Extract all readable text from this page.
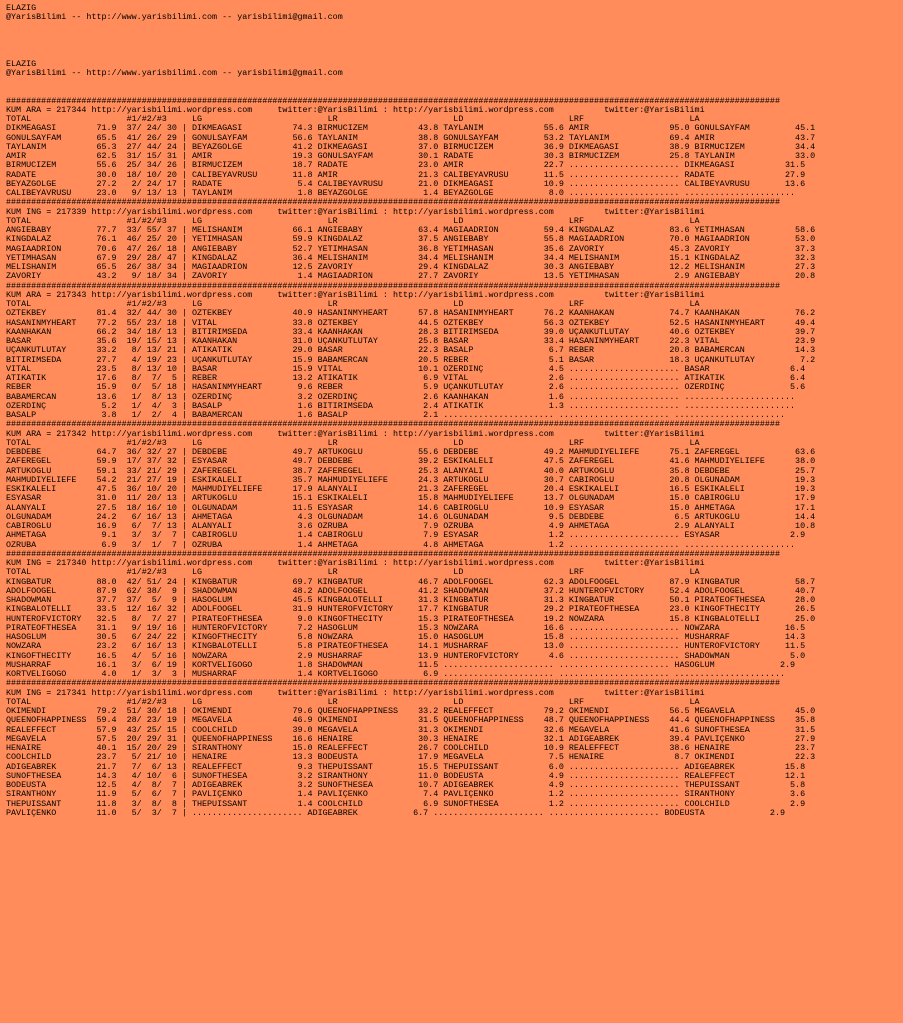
ELAZIG
@YarisBilimi -- http://www.yarisbilimi.com -- yarisbilimi@gmail.com

ELAZIG
@YarisBilimi -- http://www.yarisbilimi.com -- yarisbilimi@gmail.com

##########################################################################################################################################################
KUM ARA = 217344 http://yarisbilimi.wordpress.com     twitter:@YarisBilimi : http://yarisbilimi.wordpress.com          twitter:@YarisBilimi
TOTAL                   #1/#2/#3     LG                         LR                       LD                     LRF                     LA
DIKMEAGASI        71.9  37/ 24/ 30 | DIKMEAGASI          74.3 BIRMUCIZEM          43.8 TAYLANIM            55.6 AMIR                95.0 GÖNÜLSAYFAM         45.1
GÖNÜLSAYFAM       65.5  41/ 26/ 29 | GÖNÜLSAYFAM         56.6 TAYLANIM            38.8 GÖNÜLSAYFAM         53.2 TAYLANIM            69.4 AMIR                43.7
TAYLANIM          65.3  27/ 44/ 24 | BEYAZGÖLGE          41.2 DIKMEAGASI          37.0 BIRMUCIZEM          36.9 DIKMEAGASI          38.9 BIRMUCIZEM          34.4
AMIR              62.5  31/ 15/ 31 | AMIR                19.3 GÖNÜLSAYFAM         30.1 RADATE              30.3 BIRMUCIZEM          25.8 TAYLANIM            33.0
BIRMUCIZEM        55.6  25/ 34/ 26 | BIRMUCIZEM          18.7 RADATE              23.0 AMIR                22.7 ...................... DIKMEAGASI          31.5
RADATE            30.0  18/ 10/ 20 | CALIBEYAVRUSU       11.8 AMIR                21.3 CALIBEYAVRUSU       11.5 ...................... RADATE              27.9
BEYAZGÖLGE        27.2   2/ 24/ 17 | RADATE               5.4 CALIBEYAVRUSU       21.0 DIKMEAGASI          10.9 ...................... CALIBEYAVRUSU       13.6
CALIBEYAVRUSU     23.0   9/ 13/ 13 | TAYLANIM             1.8 BEYAZGÖLGE           1.4 BEYAZGÖLGE           8.0 ...................... ......................
##########################################################################################################################################################
KUM ING = 217339 http://yarisbilimi.wordpress.com     twitter:@YarisBilimi : http://yarisbilimi.wordpress.com          twitter:@YarisBilimi
TOTAL                   #1/#2/#3     LG                         LR                       LD                     LRF                     LA
ANGIEBABY         77.7  33/ 55/ 37 | MELISHANIM          66.1 ANGIEBABY           63.4 MAGIAADRION         59.4 KINGDALAZ           83.6 YETIMHASAN          58.6
KINGDALAZ         76.1  46/ 25/ 20 | YETIMHASAN          59.9 KINGDALAZ           37.5 ANGIEBABY           55.8 MAGIAADRION         70.0 MAGIAADRION         53.0
MAGIAADRION       70.6  47/ 26/ 18 | ANGIEBABY           52.7 YETIMHASAN          36.8 YETIMHASAN          35.6 ZAVORIY             45.3 ZAVORIY             37.3
YETIMHASAN        67.9  29/ 28/ 47 | KINGDALAZ           36.4 MELISHANIM          34.4 MELISHANIM          34.4 MELISHANIM          15.1 KINGDALAZ           32.3
MELISHANIM        65.5  26/ 38/ 34 | MAGIAADRION         12.5 ZAVORIY             29.4 KINGDALAZ           30.3 ANGIEBABY           12.2 MELISHANIM          27.3
ZAVORIY           43.2   9/ 18/ 34 | ZAVORIY              1.4 MAGIAADRION         27.7 ZAVORIY             13.5 YETIMHASAN           2.9 ANGIEBABY           20.8
##########################################################################################################################################################
KUM ARA = 217343 http://yarisbilimi.wordpress.com     twitter:@YarisBilimi : http://yarisbilimi.wordpress.com          twitter:@YarisBilimi
TOTAL                   #1/#2/#3     LG                         LR                       LD                     LRF                     LA
ÖZTEKBEY          81.4  32/ 44/ 30 | ÖZTEKBEY            40.9 HASANINMYHEART      57.8 HASANINMYHEART      76.2 KAANHAKAN           74.7 KAANHAKAN           76.2
HASANINMYHEART    77.2  55/ 23/ 18 | VITAL               33.8 ÖZTEKBEY            44.5 ÖZTEKBEY            56.3 ÖZTEKBEY            52.5 HASANINMYHEART      49.4
KAANHAKAN         66.2  34/ 18/ 13 | BITIRIMSEDA         33.4 KAANHAKAN           28.3 BITIRIMSEDA         39.0 UÇANKUTLUTAY        40.6 ÖZTEKBEY            39.7
BASAR             35.6  19/ 15/ 13 | KAANHAKAN           31.0 UÇANKUTLUTAY        25.8 BASAR               33.4 HASANINMYHEART      22.3 VITAL               23.9
UÇANKUTLUTAY      33.2   8/ 13/ 21 | ATIKATIK            29.0 BASAR               22.3 BASALP               6.7 REBER               20.8 BABAMERCAN          14.3
BITIRIMSEDA       27.7   4/ 19/ 23 | UÇANKUTLUTAY        15.9 BABAMERCAN          20.5 REBER                5.1 BASAR               18.3 UÇANKUTLUTAY         7.2
VITAL             23.5   8/ 13/ 10 | BASAR               15.9 VITAL               10.1 ÖZERDINÇ             4.5 ...................... BASAR                6.4
ATIKATIK          17.6   8/  7/  5 | REBER               13.2 ATIKATIK             6.9 VITAL                2.6 ...................... ATIKATIK             6.4
REBER             15.9   0/  5/ 18 | HASANINMYHEART       9.6 REBER                5.9 UÇANKUTLUTAY         2.6 ...................... ÖZERDINÇ             5.6
BABAMERCAN        13.6   1/  8/ 13 | ÖZERDINÇ             3.2 ÖZERDINÇ             2.6 KAANHAKAN            1.6 ...................... ......................
ÖZERDINÇ           5.2   1/  4/  3 | BASALP               1.6 BITIRIMSEDA          2.4 ATIKATIK             1.3 ...................... ......................
BASALP             3.8   1/  2/  4 | BABAMERCAN           1.6 BASALP               2.1 ...................... ...................... ......................
##########################################################################################################################################################
KUM ARA = 217342 http://yarisbilimi.wordpress.com     twitter:@YarisBilimi : http://yarisbilimi.wordpress.com          twitter:@YarisBilimi
TOTAL                   #1/#2/#3     LG                         LR                       LD                     LRF                     LA
DEBDEBE           64.7  36/ 32/ 27 | DEBDEBE             49.7 ARTUKOGLU           55.6 DEBDEBE             49.2 MAHMUDIYELIEFE      75.1 ZAFEREGEL           63.6
ZAFEREGEL         59.9  17/ 37/ 32 | ESYASAR             49.7 DEBDEBE             39.2 ESKIKALELI          47.5 ZAFEREGEL           41.6 MAHMUDIYELIEFE      38.0
ARTUKOGLU         59.1  33/ 21/ 29 | ZAFEREGEL           38.7 ZAFEREGEL           25.3 ALANYALI            40.0 ARTUKOGLU           35.8 DEBDEBE             25.7
MAHMUDIYELIEFE    54.2  21/ 27/ 19 | ESKIKALELI          35.7 MAHMUDIYELIEFE      24.3 ARTUKOGLU           30.7 CABIROGLU           20.8 OLGUNADAM           19.3
ESKIKALELI        47.5  36/ 10/ 20 | MAHMUDIYELIEFE      17.9 ALANYALI            21.3 ZAFEREGEL           20.4 ESKIKALELI          16.5 ESKIKALELI          19.3
ESYASAR           31.0  11/ 20/ 13 | ARTUKOGLU           15.1 ESKIKALELI          15.8 MAHMUDIYELIEFE      13.7 OLGUNADAM           15.0 CABIROGLU           17.9
ALANYALI          27.5  18/ 16/ 10 | OLGUNADAM           11.5 ESYASAR             14.6 CABIROGLU           10.9 ESYASAR             15.0 AHMETAGA            17.1
OLGUNADAM         24.2   6/ 16/ 13 | AHMETAGA             4.3 OLGUNADAM           14.6 OLGUNADAM            9.5 DEBDEBE              6.5 ARTUKOGLU           14.4
CABIROGLU         16.9   6/  7/ 13 | ALANYALI             3.6 ÖZRÜBA               7.9 ÖZRÜBA               4.9 AHMETAGA             2.9 ALANYALI            10.8
AHMETAGA           9.1   3/  3/  7 | CABIROGLU            1.4 CABIROGLU            7.9 ESYASAR              1.2 ...................... ESYASAR              2.9
ÖZRÜBA             6.9   3/  1/  7 | ÖZRÜBA               1.4 AHMETAGA             4.8 AHMETAGA             1.2 ...................... ......................
##########################################################################################################################################################
KUM ING = 217340 http://yarisbilimi.wordpress.com     twitter:@YarisBilimi : http://yarisbilimi.wordpress.com          twitter:@YarisBilimi
TOTAL                   #1/#2/#3     LG                         LR                       LD                     LRF                     LA
KINGBATUR         88.0  42/ 51/ 24 | KINGBATUR           69.7 KINGBATUR           46.7 ADOLFOOGEL          62.3 ADOLFOOGEL          87.9 KINGBATUR           58.7
ADOLFOOGEL        87.9  62/ 38/  9 | SHADOWMAN           48.2 ADOLFOOGEL          41.2 SHADOWMAN           37.2 HUNTEROFVICTORY     52.4 ADOLFOOGEL          40.7
SHADOWMAN         37.7  37/  5/  9 | HASOGLUM            45.5 KINGBALOTELLI       31.3 KINGBATUR           31.3 KINGBATUR           50.1 PIRATEOFTHESEA      28.0
KINGBALOTELLI     33.5  12/ 16/ 32 | ADOLFOOGEL          31.9 HUNTEROFVICTORY     17.7 KINGBATUR           29.2 PIRATEOFTHESEA      23.0 KINGOFTHECITY       26.5
HUNTEROFVICTORY   32.5   8/  7/ 27 | PIRATEOFTHESEA       9.0 KINGOFTHECITY       15.3 PIRATEOFTHESEA      19.2 NOWZARA             15.8 KINGBALOTELLI       25.0
PIRATEOFTHESEA    31.1   9/ 19/ 16 | HUNTEROFVICTORY      7.2 HASOGLUM            15.3 NOWZARA             16.6 ...................... NOWZARA             16.5
HASOGLUM          30.5   6/ 24/ 22 | KINGOFTHECITY        5.8 NOWZARA             15.0 HASOGLUM            15.8 ...................... MUSHARRAF           14.3
NOWZARA           23.2   6/ 16/ 13 | KINGBALOTELLI        5.8 PIRATEOFTHESEA      14.1 MUSHARRAF           13.0 ...................... HUNTEROFVICTORY     11.5
KINGOFTHECITY     16.5   4/  5/ 16 | NOWZARA              2.9 MUSHARRAF           13.9 HUNTEROFVICTORY      4.6 ...................... SHADOWMAN            5.0
MUSHARRAF         16.1   3/  6/ 19 | KORTVELIGOGO         1.8 SHADOWMAN           11.5 ...................... ...................... HASOGLUM             2.9
KORTVELIGOGO       4.0   1/  3/  3 | MUSHARRAF            1.4 KORTVELIGOGO         6.9 ...................... ...................... ......................
##########################################################################################################################################################
KUM ING = 217341 http://yarisbilimi.wordpress.com     twitter:@YarisBilimi : http://yarisbilimi.wordpress.com          twitter:@YarisBilimi
TOTAL                   #1/#2/#3     LG                         LR                       LD                     LRF                     LA
OKIMENDI          79.2  51/ 30/ 18 | OKIMENDI            79.6 QUEENOFHAPPINESS    33.2 REALEFFECT          79.2 OKIMENDI            56.5 MEGAVELA            45.0
QUEENOFHAPPINESS  59.4  28/ 23/ 19 | MEGAVELA            46.9 OKIMENDI            31.5 QUEENOFHAPPINESS    48.7 QUEENOFHAPPINESS    44.4 QUEENOFHAPPINESS    35.8
REALEFFECT        57.9  43/ 25/ 15 | COOLCHILD           39.0 MEGAVELA            31.3 OKIMENDI            32.6 MEGAVELA            41.6 SUNOFTHESEA         31.5
MEGAVELA          57.5  20/ 29/ 31 | QUEENOFHAPPINESS    16.6 HENAIRE             30.3 HENAIRE             32.1 ADIGEABREK          39.4 PAVLIÇENKO          27.9
HENAIRE           40.1  15/ 20/ 29 | SIRANTHONY          15.0 REALEFFECT          26.7 COOLCHILD           10.9 REALEFFECT          38.6 HENAIRE             23.7
COOLCHILD         23.7   5/ 21/ 10 | HENAIRE             13.3 BODEUSTA            17.9 MEGAVELA             7.5 HENAIRE              8.7 OKIMENDI            22.3
ADIGEABREK        21.7   7/  6/ 13 | REALEFFECT           9.3 THEPUISSANT         15.5 THEPUISSANT          6.0 ...................... ADIGEABREK          15.8
SUNOFTHESEA       14.3   4/ 10/  6 | SUNOFTHESEA          3.2 SIRANTHONY          11.0 BODEUSTA             4.9 ...................... REALEFFECT          12.1
BODEUSTA          12.5   4/  8/  7 | ADIGEABREK           3.2 SUNOFTHESEA         10.7 ADIGEABREK           4.9 ...................... THEPUISSANT          5.8
SIRANTHONY        11.9   5/  6/  7 | PAVLIÇENKO           1.4 PAVLIÇENKO           7.4 PAVLIÇENKO           1.2 ...................... SIRANTHONY           3.6
THEPUISSANT       11.8   3/  8/  8 | THEPUISSANT          1.4 COOLCHILD            6.9 SUNOFTHESEA          1.2 ...................... COOLCHILD            2.9
PAVLIÇENKO        11.0   5/  3/  7 | ...................... ADIGEABREK           6.7 ...................... ...................... BODEUSTA             2.9
